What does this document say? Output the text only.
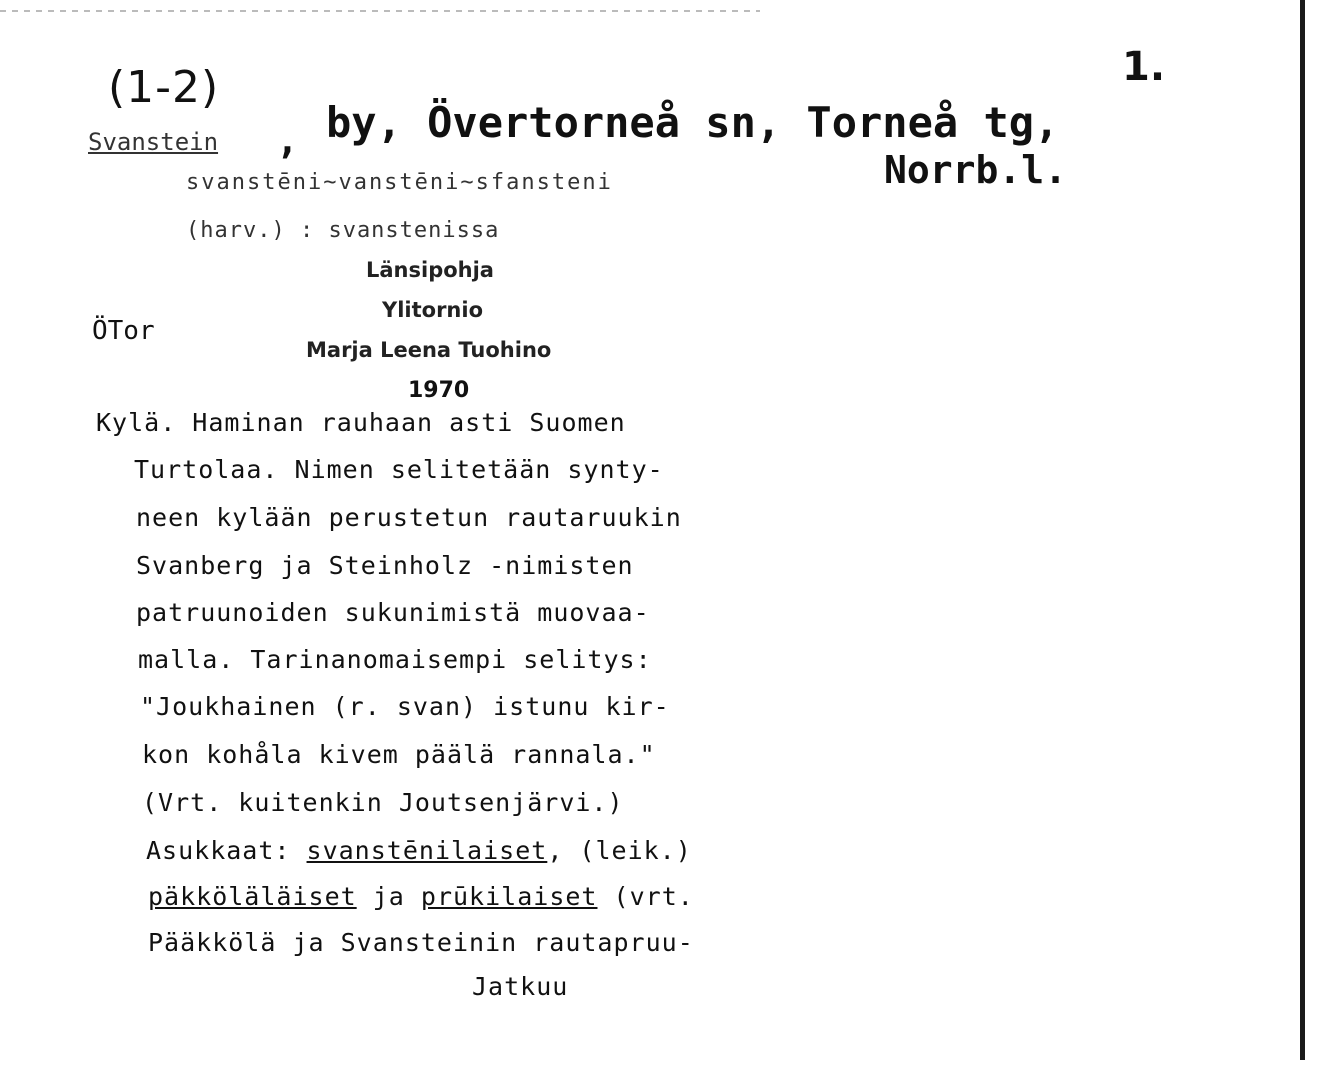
(1-2)	1.
Svanstein , by, Övertorneå sn, Torneå tg,
Norrb.l.
svanstēni~vanstēni~sfansteni
(harv.) : svanstenissa
Länsipohja
Ylitornio
Marja Leena Tuohino
1970
ÖTor
Kylä. Haminan rauhaan asti Suomen
Turtolaa. Nimen selitetään synty-
neen kylään perustetun rautaruukin
Svanberg ja Steinholz -nimisten
patruunoiden sukunimistä muovaa-
malla. Tarinanomaisempi selitys:
"Joukhainen (r. svan) istunu kir-
kon kohåla kivem päälä rannala."
(Vrt. kuitenkin Joutsenjärvi.)
Asukkaat: svanstēnilaiset, (leik.)
päkköläläiset ja prūkilaiset (vrt.
Pääkkölä ja Svansteinin rautapruu-
Jatkuu
